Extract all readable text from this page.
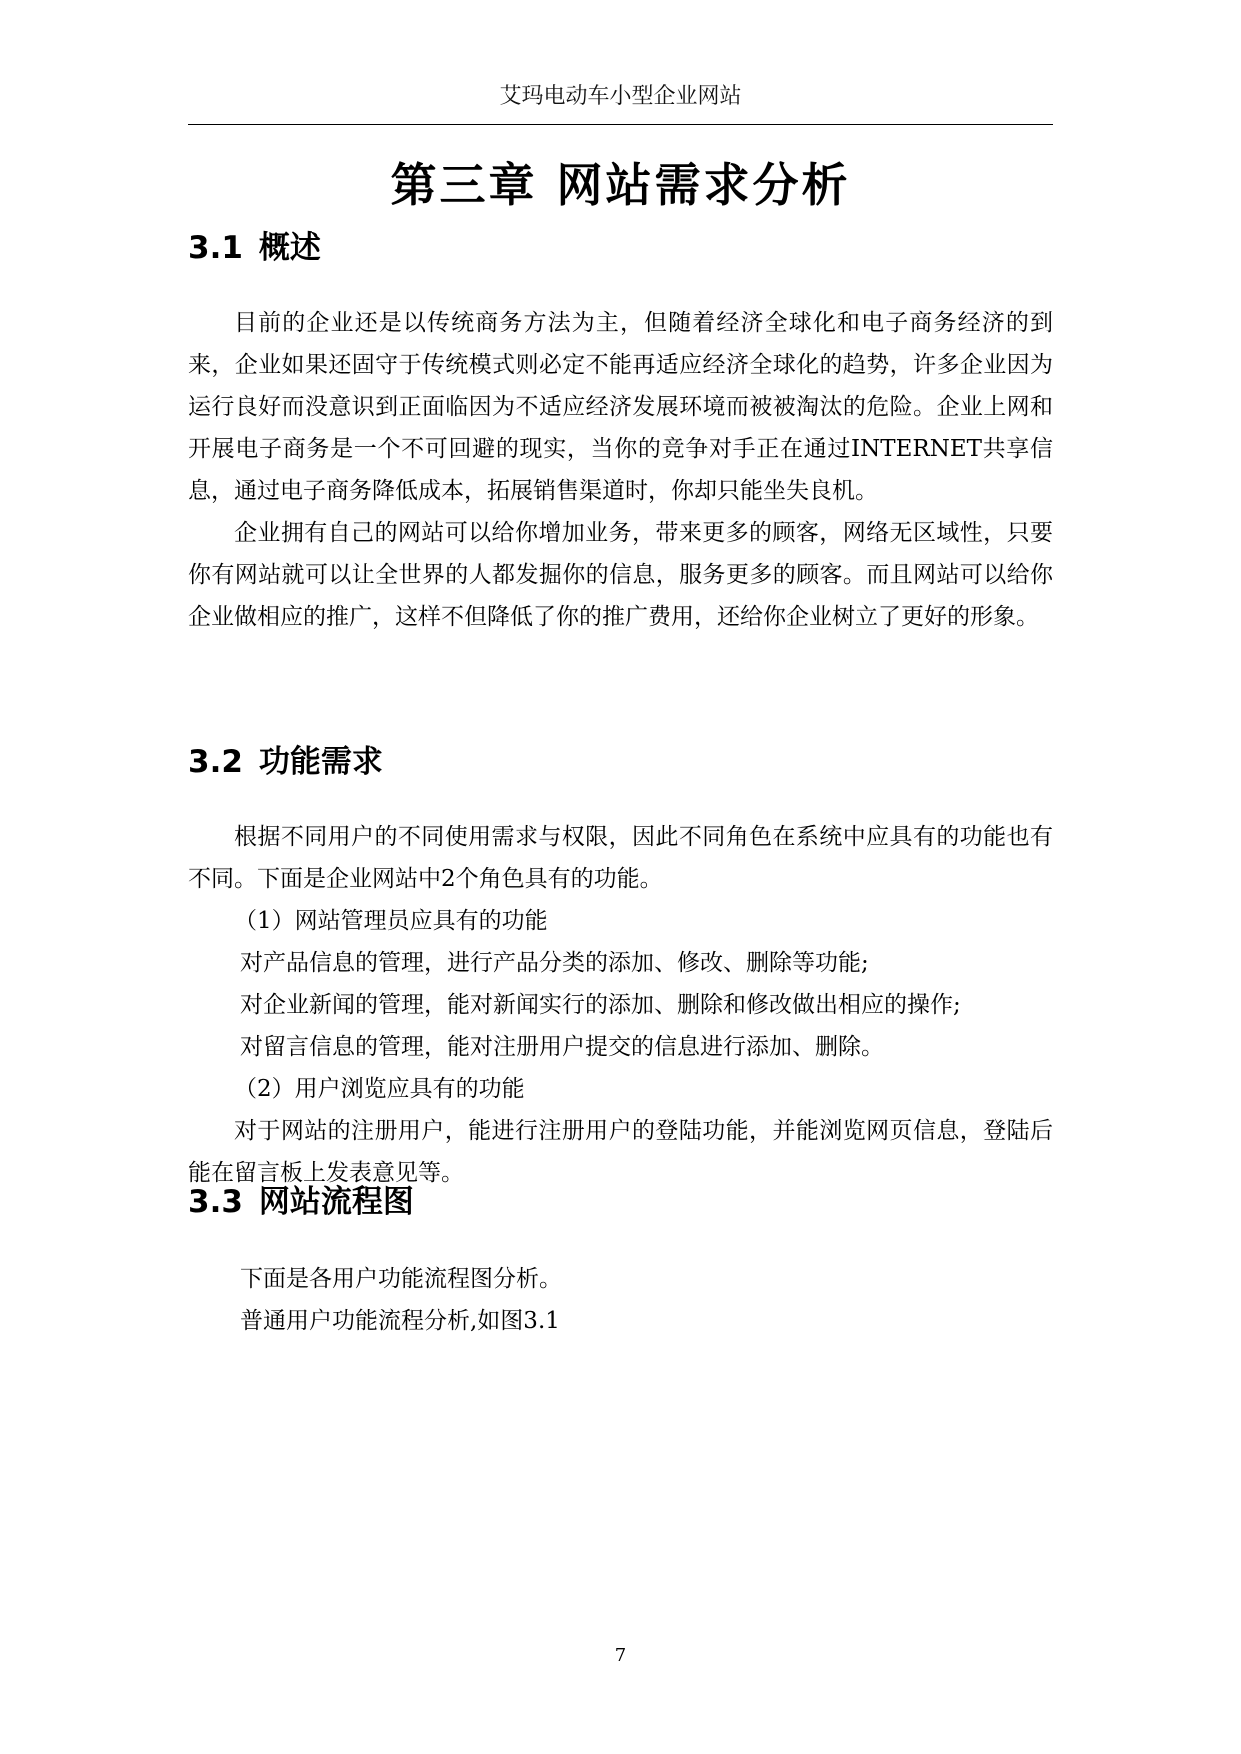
艾玛电动车小型企业网站
第三章 网站需求分析
3.1 概述

目前的企业还是以传统商务方法为主，但随着经济全球化和电子商务经济的到来，企业如果还固守于传统模式则必定不能再适应经济全球化的趋势，许多企业因为运行良好而没意识到正面临因为不适应经济发展环境而被被淘汰的危险。企业上网和开展电子商务是一个不可回避的现实，当你的竞争对手正在通过INTERNET共享信息，通过电子商务降低成本，拓展销售渠道时，你却只能坐失良机。

企业拥有自己的网站可以给你增加业务，带来更多的顾客，网络无区域性，只要你有网站就可以让全世界的人都发掘你的信息，服务更多的顾客。而且网站可以给你企业做相应的推广，这样不但降低了你的推广费用，还给你企业树立了更好的形象。

3.2 功能需求

根据不同用户的不同使用需求与权限，因此不同角色在系统中应具有的功能也有不同。下面是企业网站中2个角色具有的功能。

（1）网站管理员应具有的功能

对产品信息的管理，进行产品分类的添加、修改、删除等功能;

对企业新闻的管理，能对新闻实行的添加、删除和修改做出相应的操作;

对留言信息的管理，能对注册用户提交的信息进行添加、删除。

（2）用户浏览应具有的功能

对于网站的注册用户，能进行注册用户的登陆功能，并能浏览网页信息，登陆后能在留言板上发表意见等。

3.3 网站流程图

下面是各用户功能流程图分析。

普通用户功能流程分析,如图3.1

7
